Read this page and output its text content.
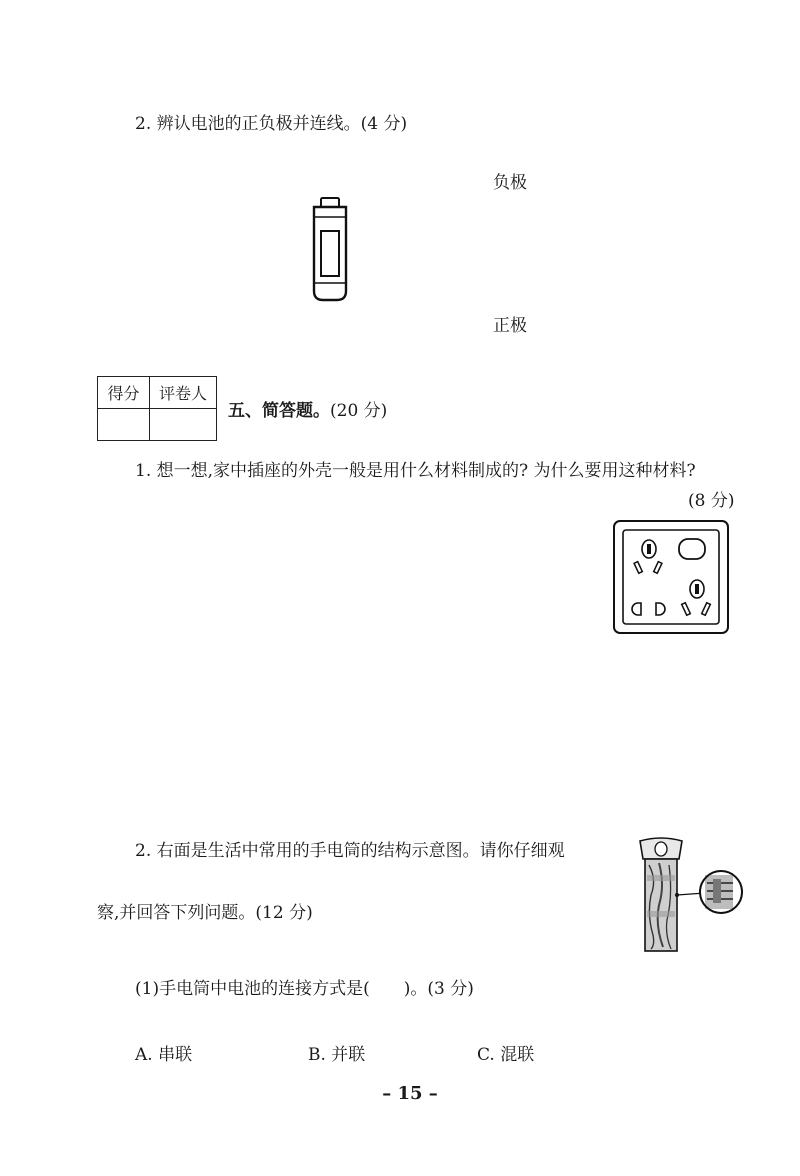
2. 辨认电池的正负极并连线。(4 分)
负极
正极
得分	评卷人

五、简答题。(20 分)
1. 想一想,家中插座的外壳一般是用什么材料制成的? 为什么要用这种材料?
(8 分)
2. 右面是生活中常用的手电筒的结构示意图。请你仔细观
察,并回答下列问题。(12 分)
(1)手电筒中电池的连接方式是(　　)。(3 分)
A. 串联	B. 并联	C. 混联
– 15 –
